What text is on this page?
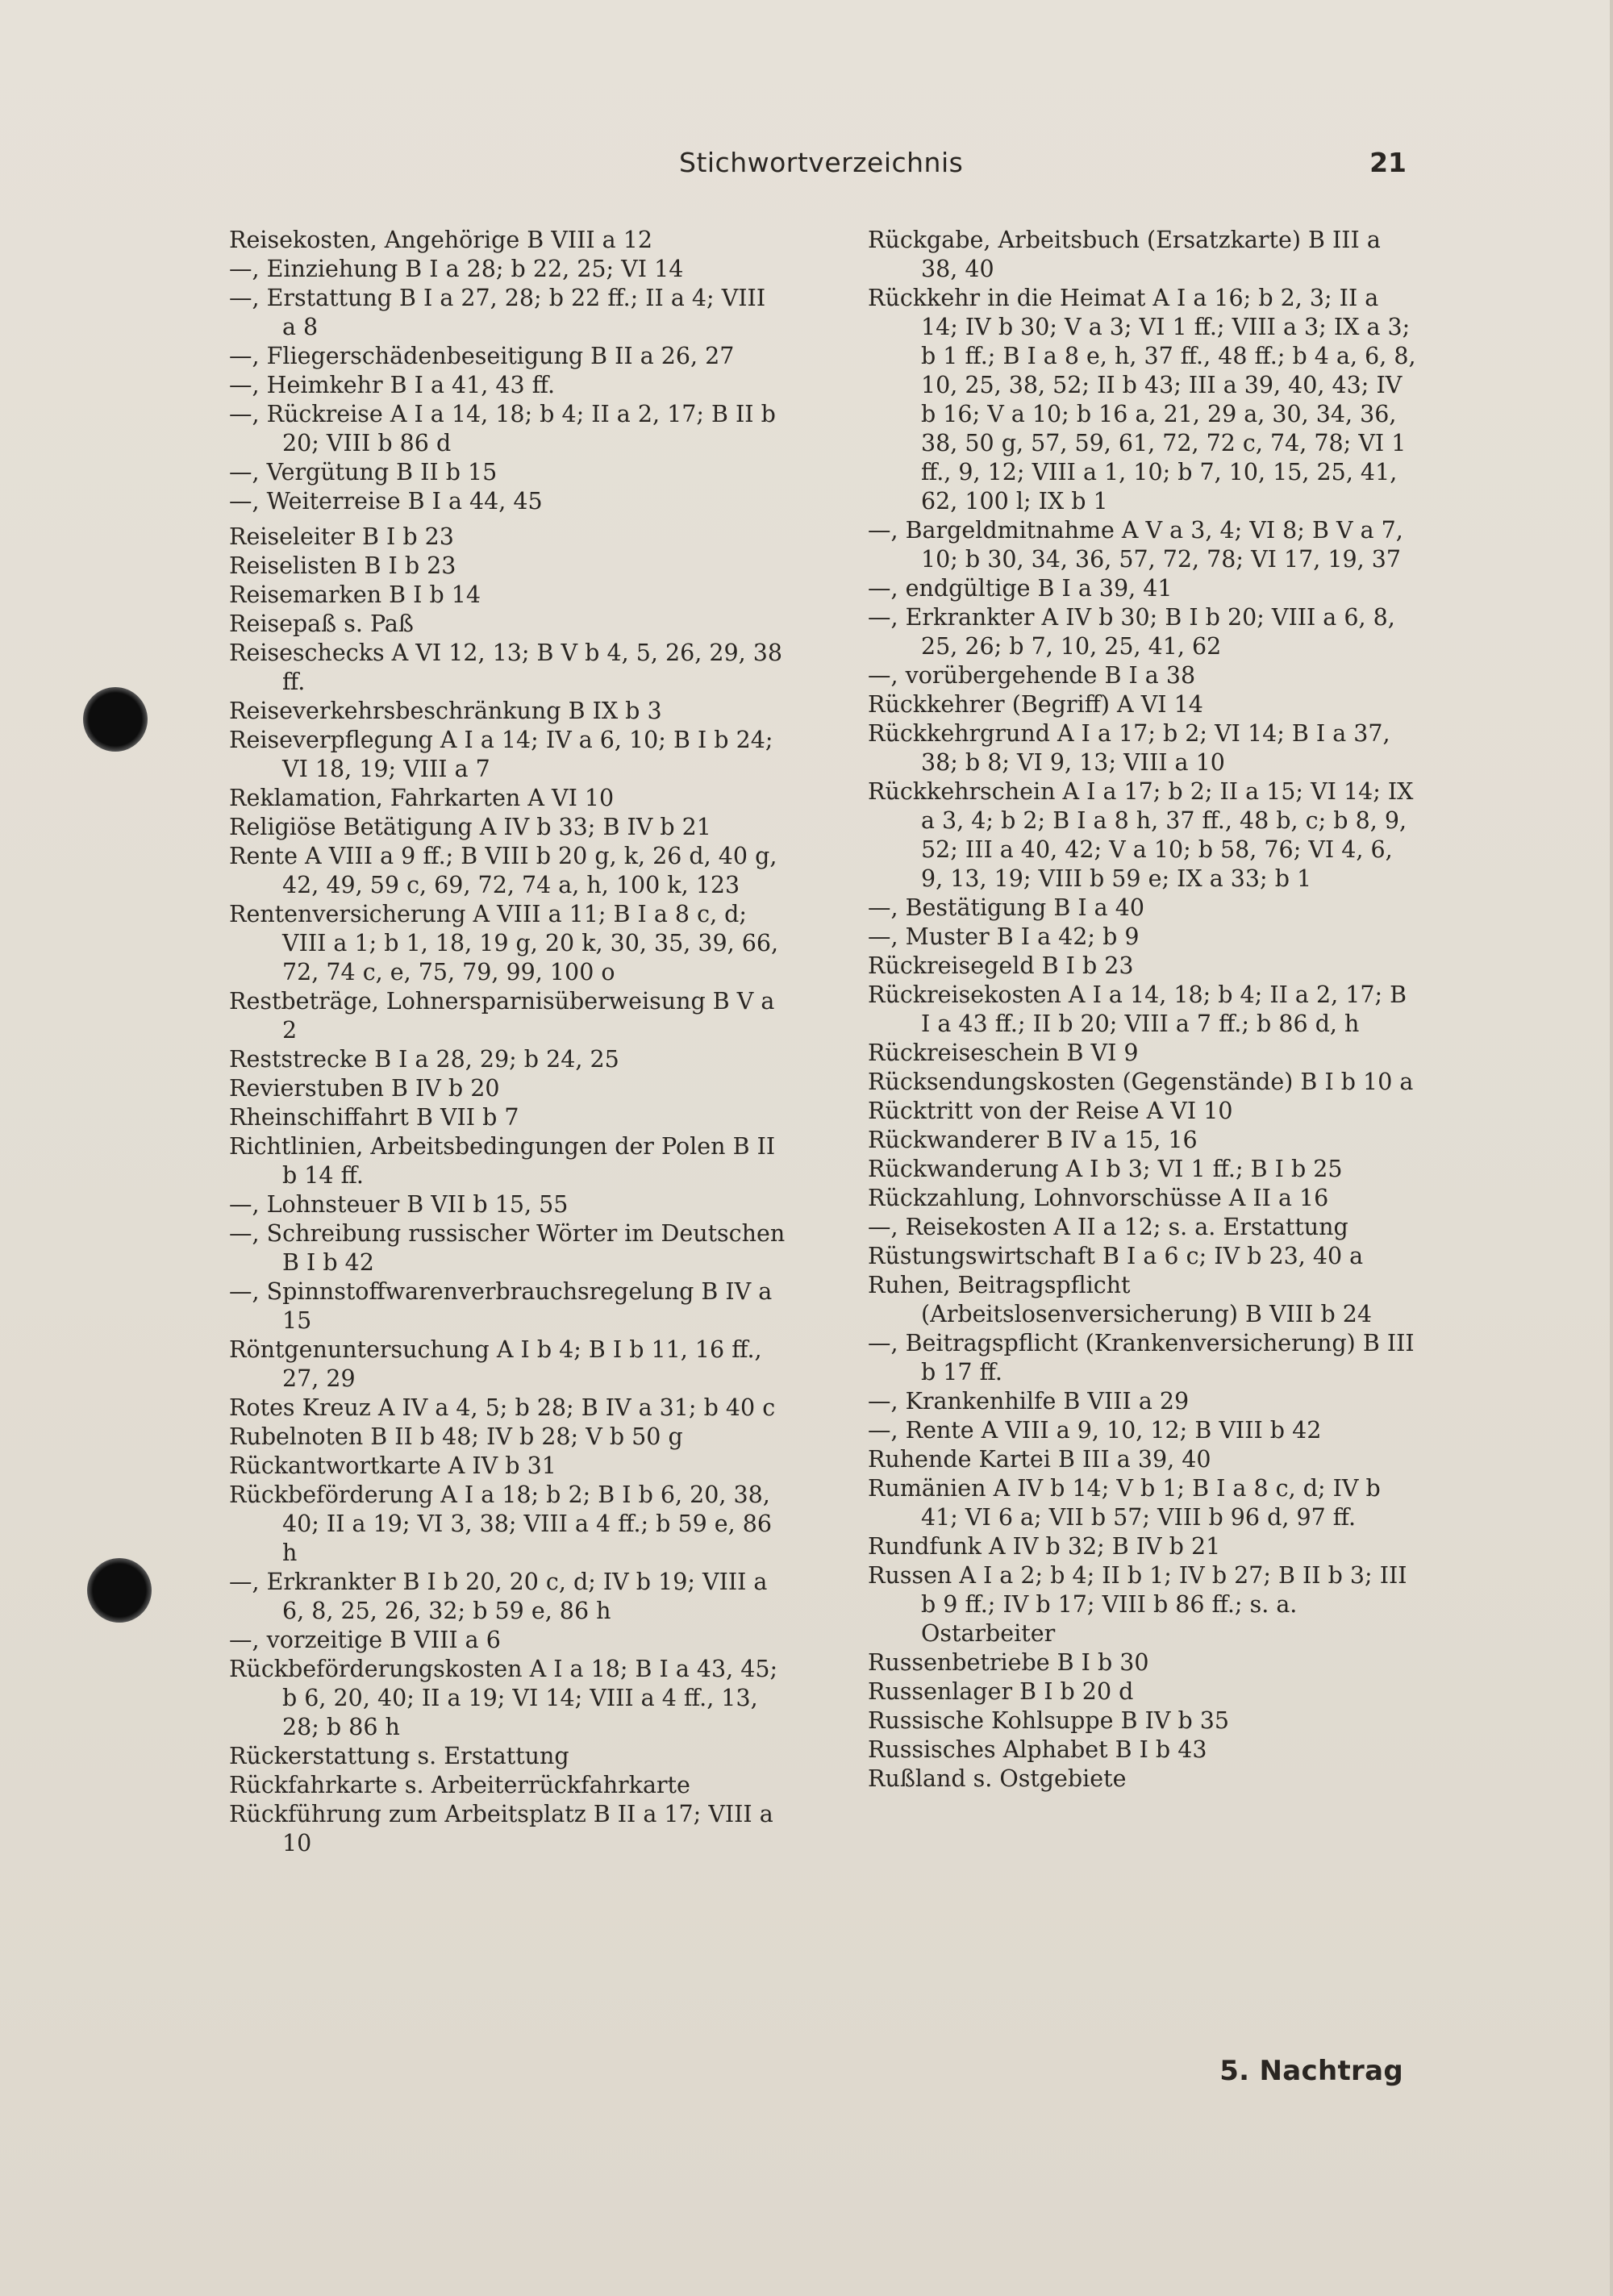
Stichwortverzeichnis	21
Reisekosten, Angehörige B VIII a 12
—, Einziehung B I a 28; b 22, 25; VI 14
—, Erstattung B I a 27, 28; b 22 ff.; II a 4; VIII a 8
—, Fliegerschädenbeseitigung B II a 26, 27
—, Heimkehr B I a 41, 43 ff.
—, Rückreise A I a 14, 18; b 4; II a 2, 17; B II b 20; VIII b 86 d
—, Vergütung B II b 15
—, Weiterreise B I a 44, 45
Reiseleiter B I b 23
Reiselisten B I b 23
Reisemarken B I b 14
Reisepaß s. Paß
Reiseschecks A VI 12, 13; B V b 4, 5, 26, 29, 38 ff.
Reiseverkehrsbeschränkung B IX b 3
Reiseverpflegung A I a 14; IV a 6, 10; B I b 24; VI 18, 19; VIII a 7
Reklamation, Fahrkarten A VI 10
Religiöse Betätigung A IV b 33; B IV b 21
Rente A VIII a 9 ff.; B VIII b 20 g, k, 26 d, 40 g, 42, 49, 59 c, 69, 72, 74 a, h, 100 k, 123
Rentenversicherung A VIII a 11; B I a 8 c, d; VIII a 1; b 1, 18, 19 g, 20 k, 30, 35, 39, 66, 72, 74 c, e, 75, 79, 99, 100 o
Restbeträge, Lohnersparnisüberweisung B V a 2
Reststrecke B I a 28, 29; b 24, 25
Revierstuben B IV b 20
Rheinschiffahrt B VII b 7
Richtlinien, Arbeitsbedingungen der Polen B II b 14 ff.
—, Lohnsteuer B VII b 15, 55
—, Schreibung russischer Wörter im Deutschen B I b 42
—, Spinnstoffwarenverbrauchsregelung B IV a 15
Röntgenuntersuchung A I b 4; B I b 11, 16 ff., 27, 29
Rotes Kreuz A IV a 4, 5; b 28; B IV a 31; b 40 c
Rubelnoten B II b 48; IV b 28; V b 50 g
Rückantwortkarte A IV b 31
Rückbeförderung A I a 18; b 2; B I b 6, 20, 38, 40; II a 19; VI 3, 38; VIII a 4 ff.; b 59 e, 86 h
—, Erkrankter B I b 20, 20 c, d; IV b 19; VIII a 6, 8, 25, 26, 32; b 59 e, 86 h
—, vorzeitige B VIII a 6
Rückbeförderungskosten A I a 18; B I a 43, 45; b 6, 20, 40; II a 19; VI 14; VIII a 4 ff., 13, 28; b 86 h
Rückerstattung s. Erstattung
Rückfahrkarte s. Arbeiterrückfahrkarte
Rückführung zum Arbeitsplatz B II a 17; VIII a 10
Rückgabe, Arbeitsbuch (Ersatzkarte) B III a 38, 40
Rückkehr in die Heimat A I a 16; b 2, 3; II a 14; IV b 30; V a 3; VI 1 ff.; VIII a 3; IX a 3; b 1 ff.; B I a 8 e, h, 37 ff., 48 ff.; b 4 a, 6, 8, 10, 25, 38, 52; II b 43; III a 39, 40, 43; IV b 16; V a 10; b 16 a, 21, 29 a, 30, 34, 36, 38, 50 g, 57, 59, 61, 72, 72 c, 74, 78; VI 1 ff., 9, 12; VIII a 1, 10; b 7, 10, 15, 25, 41, 62, 100 l; IX b 1
—, Bargeldmitnahme A V a 3, 4; VI 8; B V a 7, 10; b 30, 34, 36, 57, 72, 78; VI 17, 19, 37
—, endgültige B I a 39, 41
—, Erkrankter A IV b 30; B I b 20; VIII a 6, 8, 25, 26; b 7, 10, 25, 41, 62
—, vorübergehende B I a 38
Rückkehrer (Begriff) A VI 14
Rückkehrgrund A I a 17; b 2; VI 14; B I a 37, 38; b 8; VI 9, 13; VIII a 10
Rückkehrschein A I a 17; b 2; II a 15; VI 14; IX a 3, 4; b 2; B I a 8 h, 37 ff., 48 b, c; b 8, 9, 52; III a 40, 42; V a 10; b 58, 76; VI 4, 6, 9, 13, 19; VIII b 59 e; IX a 33; b 1
—, Bestätigung B I a 40
—, Muster B I a 42; b 9
Rückreisegeld B I b 23
Rückreisekosten A I a 14, 18; b 4; II a 2, 17; B I a 43 ff.; II b 20; VIII a 7 ff.; b 86 d, h
Rückreiseschein B VI 9
Rücksendungskosten (Gegenstände) B I b 10 a
Rücktritt von der Reise A VI 10
Rückwanderer B IV a 15, 16
Rückwanderung A I b 3; VI 1 ff.; B I b 25
Rückzahlung, Lohnvorschüsse A II a 16
—, Reisekosten A II a 12; s. a. Erstattung
Rüstungswirtschaft B I a 6 c; IV b 23, 40 a
Ruhen, Beitragspflicht (Arbeitslosenversicherung) B VIII b 24
—, Beitragspflicht (Krankenversicherung) B III b 17 ff.
—, Krankenhilfe B VIII a 29
—, Rente A VIII a 9, 10, 12; B VIII b 42
Ruhende Kartei B III a 39, 40
Rumänien A IV b 14; V b 1; B I a 8 c, d; IV b 41; VI 6 a; VII b 57; VIII b 96 d, 97 ff.
Rundfunk A IV b 32; B IV b 21
Russen A I a 2; b 4; II b 1; IV b 27; B II b 3; III b 9 ff.; IV b 17; VIII b 86 ff.; s. a. Ostarbeiter
Russenbetriebe B I b 30
Russenlager B I b 20 d
Russische Kohlsuppe B IV b 35
Russisches Alphabet B I b 43
Rußland s. Ostgebiete
5. Nachtrag
